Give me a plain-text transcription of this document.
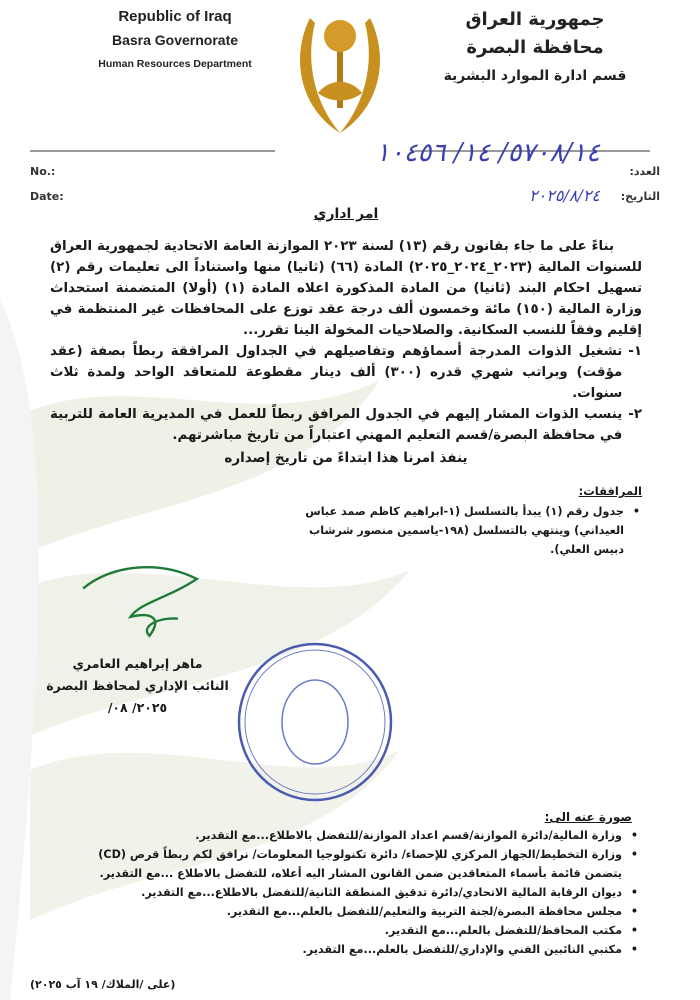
Republic of Iraq
Basra Governorate
Human Resources Department
جمهورية العراق
محافظة البصرة
قسم ادارة الموارد البشرية
No.:
Date:
العدد:
التاريخ:
٥٧٠٨/١٤/ ١٤/ ١٠٤٥٦
٢٠٢٥/٨/٢٤
امر اداري
بناءً على ما جاء بقانون رقم (١٣) لسنة ٢٠٢٣ الموازنة العامة الاتحادية لجمهورية العراق للسنوات المالية (٢٠٢٣_٢٠٢٤_٢٠٢٥) المادة (٦٦) (ثانيا) منها واستناداً الى تعليمات رقم (٢) تسهيل احكام البند (ثانيا) من المادة المذكورة اعلاه المادة (١) (أولا) المتضمنة استحداث وزارة المالية (١٥٠) مائة وخمسون ألف درجة عقد توزع على المحافظات غير المنتظمة في إقليم وفقاً للنسب السكانية. والصلاحيات المخولة الينا تقرر...
١-
تشغيل الذوات المدرجة أسماؤهم وتفاصيلهم في الجداول المرافقة ربطاً بصفة (عقد مؤقت) وبراتب شهري قدره (٣٠٠) ألف دينار مقطوعة للمتعاقد الواحد ولمدة ثلاث سنوات.
٢-
ينسب الذوات المشار إليهم في الجدول المرافق ربطاً للعمل في المديرية العامة للتربية في محافظة البصرة/قسم التعليم المهني اعتباراً من تاريخ مباشرتهم.
ينفذ امرنا هذا ابتداءً من تاريخ إصداره
المرافقات:
• جدول رقم (١) يبدأ بالتسلسل (١-ابراهيم كاظم صمد عباس العيداني) وينتهي بالتسلسل (١٩٨-ياسمين منصور شرشاب دبيس العلي).
ماهر إبراهيم العامري
النائب الإداري لمحافظ البصرة
٢٠٢٥/ ٠٨/
صورة عنه الى:
• وزارة المالية/دائرة الموازنة/قسم اعداد الموازنة/للتفضل بالاطلاع...مع التقدير.
• وزارة التخطيط/الجهاز المركزي للإحصاء/ دائرة تكنولوجيا المعلومات/ نرافق لكم ربطاً قرص (CD) يتضمن قائمة بأسماء المتعاقدين ضمن القانون المشار اليه أعلاه، للتفضل بالاطلاع ...مع التقدير.
• ديوان الرقابة المالية الاتحادي/دائرة تدقيق المنطقة الثانية/للتفضل بالاطلاع...مع التقدير.
• مجلس محافظة البصرة/لجنة التربية والتعليم/للتفضل بالعلم...مع التقدير.
• مكتب المحافظ/للتفضل بالعلم...مع التقدير.
• مكتبي النائبين الفني والإداري/للتفضل بالعلم...مع التقدير.
(على /الملاك/ ١٩ آب ٢٠٢٥)
